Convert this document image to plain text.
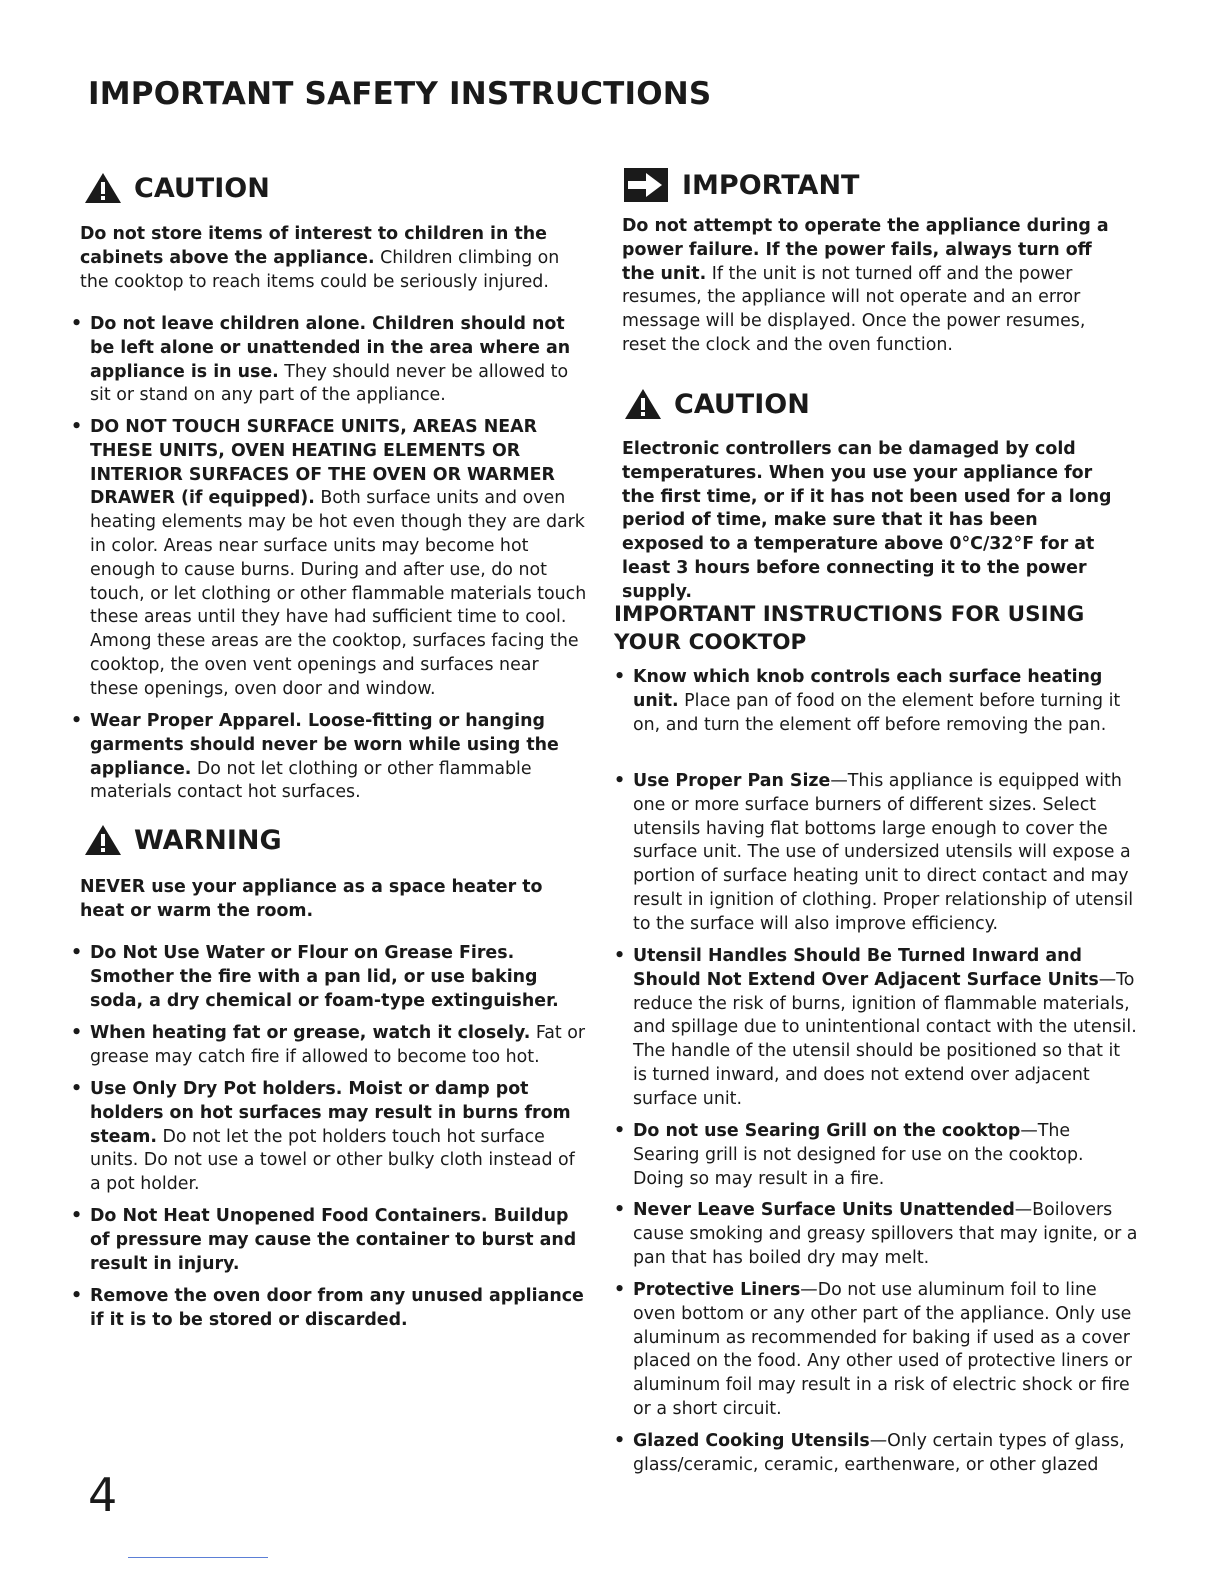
IMPORTANT SAFETY INSTRUCTIONS
CAUTION

Do not store items of interest to children in the cabinets above the appliance. Children climbing on the cooktop to reach items could be seriously injured.

• Do not leave children alone. Children should not be left alone or unattended in the area where an appliance is in use. They should never be allowed to sit or stand on any part of the appliance.
• DO NOT TOUCH SURFACE UNITS, AREAS NEAR THESE UNITS, OVEN HEATING ELEMENTS OR INTERIOR SURFACES OF THE OVEN OR WARMER DRAWER (if equipped). Both surface units and oven heating elements may be hot even though they are dark in color. Areas near surface units may become hot enough to cause burns. During and after use, do not touch, or let clothing or other flammable materials touch these areas until they have had sufficient time to cool. Among these areas are the cooktop, surfaces facing the cooktop, the oven vent openings and surfaces near these openings, oven door and window.
• Wear Proper Apparel. Loose-fitting or hanging garments should never be worn while using the appliance. Do not let clothing or other flammable materials contact hot surfaces.
WARNING

NEVER use your appliance as a space heater to heat or warm the room.

• Do Not Use Water or Flour on Grease Fires. Smother the fire with a pan lid, or use baking soda, a dry chemical or foam-type extinguisher.
• When heating fat or grease, watch it closely. Fat or grease may catch fire if allowed to become too hot.
• Use Only Dry Pot holders. Moist or damp pot holders on hot surfaces may result in burns from steam. Do not let the pot holders touch hot surface units. Do not use a towel or other bulky cloth instead of a pot holder.
• Do Not Heat Unopened Food Containers. Buildup of pressure may cause the container to burst and result in injury.
• Remove the oven door from any unused appliance if it is to be stored or discarded.
IMPORTANT

Do not attempt to operate the appliance during a power failure. If the power fails, always turn off the unit. If the unit is not turned off and the power resumes, the appliance will not operate and an error message will be displayed. Once the power resumes, reset the clock and the oven function.

CAUTION

Electronic controllers can be damaged by cold temperatures. When you use your appliance for the first time, or if it has not been used for a long period of time, make sure that it has been exposed to a temperature above 0°C/32°F for at least 3 hours before connecting it to the power supply.

IMPORTANT INSTRUCTIONS FOR USING YOUR COOKTOP
• Know which knob controls each surface heating unit. Place pan of food on the element before turning it on, and turn the element off before removing the pan.
• Use Proper Pan Size—This appliance is equipped with one or more surface burners of different sizes. Select utensils having flat bottoms large enough to cover the surface unit. The use of undersized utensils will expose a portion of surface heating unit to direct contact and may result in ignition of clothing. Proper relationship of utensil to the surface will also improve efficiency.
• Utensil Handles Should Be Turned Inward and Should Not Extend Over Adjacent Surface Units—To reduce the risk of burns, ignition of flammable materials, and spillage due to unintentional contact with the utensil. The handle of the utensil should be positioned so that it is turned inward, and does not extend over adjacent surface unit.
• Do not use Searing Grill on the cooktop—The Searing grill is not designed for use on the cooktop. Doing so may result in a fire.
• Never Leave Surface Units Unattended—Boilovers cause smoking and greasy spillovers that may ignite, or a pan that has boiled dry may melt.
• Protective Liners—Do not use aluminum foil to line oven bottom or any other part of the appliance. Only use aluminum as recommended for baking if used as a cover placed on the food. Any other used of protective liners or aluminum foil may result in a risk of electric shock or fire or a short circuit.
• Glazed Cooking Utensils—Only certain types of glass, glass/ceramic, ceramic, earthenware, or other glazed
4
